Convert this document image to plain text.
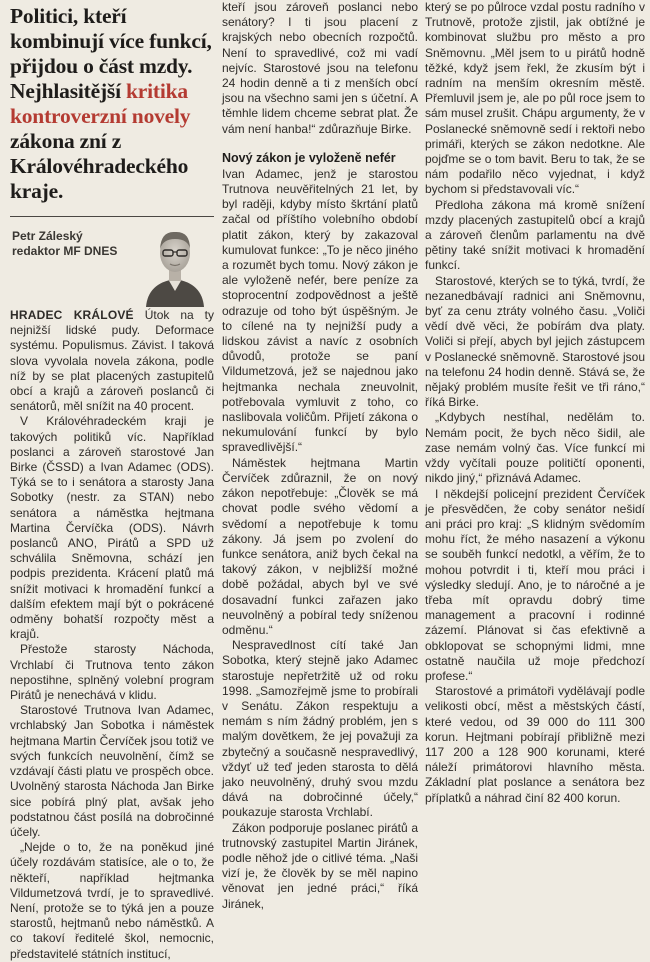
Politici, kteří kombinují více funkcí, přijdou o část mzdy. Nejhlasitější kritika kontroverzní novely zákona zní z Královéhradeckého kraje.
Petr Záleský
redaktor MF DNES

HRADEC KRÁLOVÉ Útok na ty nejnižší lidské pudy. Deformace systému. Populismus. Závist. I taková slova vyvolala novela zákona, podle níž by se plat placených zastupitelů obcí a krajů a zároveň poslanců či senátorů, měl snížit na 40 procent.

V Královéhradeckém kraji je takových politiků víc. Například poslanci a zároveň starostové Jan Birke (ČSSD) a Ivan Adamec (ODS). Týká se to i senátora a starosty Jana Sobotky (nestr. za STAN) nebo senátora a náměstka hejtmana Martina Červíčka (ODS). Návrh poslanců ANO, Pirátů a SPD už schválila Sněmovna, schází jen podpis prezidenta. Krácení platů má snížit motivaci k hromadění funkcí a dalším efektem mají být o pokrácené odměny bohatší rozpočty měst a krajů.

Přestože starosty Náchoda, Vrchlabí či Trutnova tento zákon nepostihne, splněný volební program Pirátů je nenechává v klidu.

Starostové Trutnova Ivan Adamec, vrchlabský Jan Sobotka i náměstek hejtmana Martin Červíček jsou totiž ve svých funkcích neuvolnění, čímž se vzdávají části platu ve prospěch obce. Uvolněný starosta Náchoda Jan Birke sice pobírá plný plat, avšak jeho podstatnou část posílá na dobročinné účely.

„Nejde o to, že na poněkud jiné účely rozdávám statisíce, ale o to, že někteří, například hejtmanka Vildumetzová tvrdí, je to spravedlivé. Není, protože se to týká jen a pouze starostů, hejtmanů nebo náměstků. A co takoví ředitelé škol, nemocnic, představitelé státních institucí,

kteří jsou zároveň poslanci nebo senátory? I ti jsou placení z krajských nebo obecních rozpočtů. Není to spravedlivé, což mi vadí nejvíc. Starostové jsou na telefonu 24 hodin denně a ti z menších obcí jsou na všechno sami jen s účetní. A těmhle lidem chceme sebrat plat. Že vám není hanba!“ zdůrazňuje Birke.

Nový zákon je vyloženě nefér

Ivan Adamec, jenž je starostou Trutnova neuvěřitelných 21 let, by byl raději, kdyby místo škrtání platů začal od příštího volebního období platit zákon, který by zakazoval kumulovat funkce: „To je něco jiného a rozumět bych tomu. Nový zákon je ale vyloženě nefér, bere peníze za stoprocentní zodpovědnost a ještě odrazuje od toho být úspěšným. Je to cílené na ty nejnižší pudy a lidskou závist a navíc z osobních důvodů, protože se paní Vildumetzová, jež se najednou jako hejtmanka nechala zneuvolnit, potřebovala vymluvit z toho, co naslibovala voličům. Přijetí zákona o nekumulování funkcí by bylo spravedlivější.“

Náměstek hejtmana Martin Červíček zdůraznil, že on nový zákon nepotřebuje: „Člověk se má chovat podle svého vědomí a svědomí a nepotřebuje k tomu zákony. Já jsem po zvolení do funkce senátora, aniž bych čekal na takový zákon, v nejbližší možné době požádal, abych byl ve své dosavadní funkci zařazen jako neuvolněný a pobíral tedy sníženou odměnu.“

Nespravedlnost cítí také Jan Sobotka, který stejně jako Adamec starostuje nepřetržitě už od roku 1998. „Samozřejmě jsme to probírali v Senátu. Zákon respektuju a nemám s ním žádný problém, jen s malým dovětkem, že jej považuji za zbytečný a současně nespravedlivý, vždyť už teď jeden starosta to dělá jako neuvolněný, druhý svou mzdu dává na dobročinné účely,“ poukazuje starosta Vrchlabí.

Zákon podporuje poslanec pirátů a trutnovský zastupitel Martin Jiránek, podle něhož jde o citlivé téma. „Naši vizí je, že člověk by se měl napino věnovat jen jedné práci,“ říká Jiránek,

který se po půlroce vzdal postu radního v Trutnově, protože zjistil, jak obtížné je kombinovat službu pro město a pro Sněmovnu. „Měl jsem to u pirátů hodně těžké, když jsem řekl, že zkusím být i radním na menším okresním městě. Přemluvil jsem je, ale po půl roce jsem to sám musel zrušit. Chápu argumenty, že v Poslanecké sněmovně sedí i rektoři nebo primáři, kterých se zákon nedotkne. Ale pojďme se o tom bavit. Beru to tak, že se nám podařilo něco vyjednat, i když bychom si představovali víc.“

Předloha zákona má kromě snížení mzdy placených zastupitelů obcí a krajů a zároveň členům parlamentu na dvě pětiny také snížit motivaci k hromadění funkcí.

Starostové, kterých se to týká, tvrdí, že nezanedbávají radnici ani Sněmovnu, byť za cenu ztráty volného času. „Voliči vědí dvě věci, že pobírám dva platy. Voliči si přejí, abych byl jejich zástupcem v Poslanecké sněmovně. Starostové jsou na telefonu 24 hodin denně. Stává se, že nějaký problém musíte řešit ve tři ráno,“ říká Birke.

„Kdybych nestíhal, nedělám to. Nemám pocit, že bych něco šidil, ale zase nemám volný čas. Více funkcí mi vždy vyčítali pouze političtí oponenti, nikdo jiný,“ přiznává Adamec.

I někdejší policejní prezident Červíček je přesvědčen, že coby senátor nešidí ani práci pro kraj: „S klidným svědomím mohu říct, že mého nasazení a výkonu se souběh funkcí nedotkl, a věřím, že to mohou potvrdit i ti, kteří mou práci i výsledky sledují. Ano, je to náročné a je třeba mít opravdu dobrý time management a pracovní i rodinné zázemí. Plánovat si čas efektivně a obklopovat se schopnými lidmi, mne ostatně naučila už moje předchozí profese.“

Starostové a primátoři vydělávají podle velikosti obcí, měst a městských částí, které vedou, od 39 000 do 111 300 korun. Hejtmani pobírají přibližně mezi 117 200 a 128 900 korunami, které náleží primátorovi hlavního města. Základní plat poslance a senátora bez příplatků a náhrad činí 82 400 korun.
